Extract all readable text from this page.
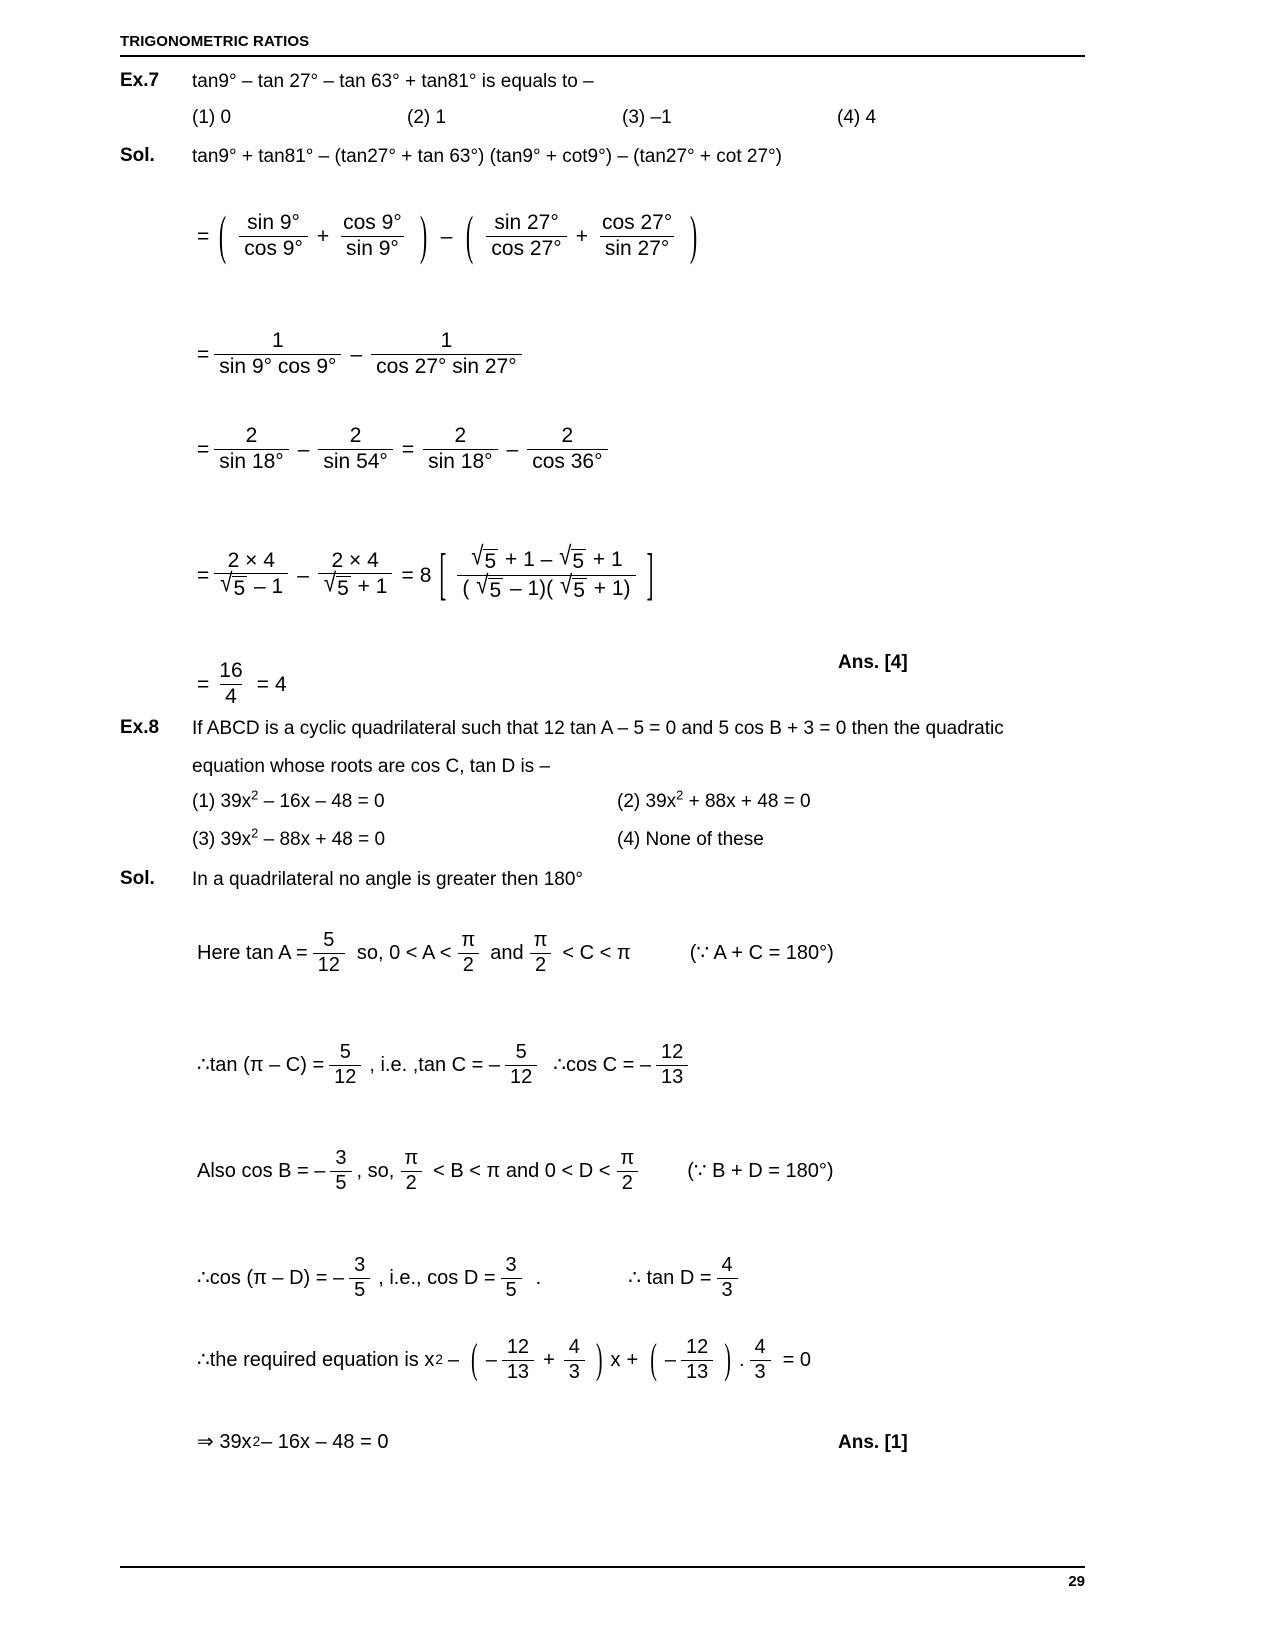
TRIGONOMETRIC RATIOS
Ex.7	tan9° – tan 27° – tan 63° + tan81° is equals to –
(1) 0	(2) 1	(3) –1	(4) 4
Sol.	tan9° + tan81° – (tan27° + tan 63°) (tan9° + cot9°) – (tan27° + cot 27°)
= ( $\frac{\sin 9^\circ}{\cos 9^\circ} + \frac{\cos 9^\circ}{\sin 9^\circ}$ ) – ( $\frac{\sin 27^\circ}{\cos 27^\circ} + \frac{\cos 27^\circ}{\sin 27^\circ}$ )
= $\frac{1}{\sin 9^\circ \cos 9^\circ} - \frac{1}{\cos 27^\circ \sin 27^\circ}$
= $\frac{2}{\sin 18^\circ} - \frac{2}{\sin 54^\circ} = \frac{2}{\sin 18^\circ} - \frac{2}{\cos 36^\circ}$
= $\frac{2 \times 4}{√ 5 - 1} - \frac{2 \times 4}{√ 5 + 1} = 8$ [ $\frac{√ 5 + 1 - √ 5 + 1}{( √ 5 - 1)( √ 5 + 1)}$ ]
= $\frac{16}{4} = 4$
Ans. [4]
Ex.8	If ABCD is a cyclic quadrilateral such that 12 tan A – 5 = 0 and 5 cos B + 3 = 0 then the quadratic
equation whose roots are cos C, tan D is –
(1) $39x^2 - 16x - 48 = 0$	(2) $39x^2 + 88x + 48 = 0$
(3) $39x^2 - 88x + 48 = 0$	(4) None of these
Sol.	In a quadrilateral no angle is greater then 180°
Here $\tan A = \frac{5}{12}$ so, $0 < A < \frac{\pi}{2}$ and $\frac{\pi}{2} < C < \pi$	(∵ A + C = 180°)
∴tan $(\pi - C) = \frac{5}{12}$ , i.e. ,tan C = – $\frac{5}{12}$ ∴cos C = – $\frac{12}{13}$
Also cos B = – $\frac{3}{5}$ , so, $\frac{\pi}{2} < B < \pi$ and $0 < D < \frac{\pi}{2}$ (∵ B + D = 180°)
∴cos (π – D) = – $\frac{3}{5}$ , i.e., $\cos D = \frac{3}{5}$ .	∴ $\tan D = \frac{4}{3}$
∴the required equation is x 2 – ( – $\frac{12}{13} + \frac{4}{3}$ ) x + ( – $\frac{12}{13}$ ) . $\frac{4}{3} = 0$
⇒ 39x 2 – 16x – 48 = 0	Ans. [1]
29
